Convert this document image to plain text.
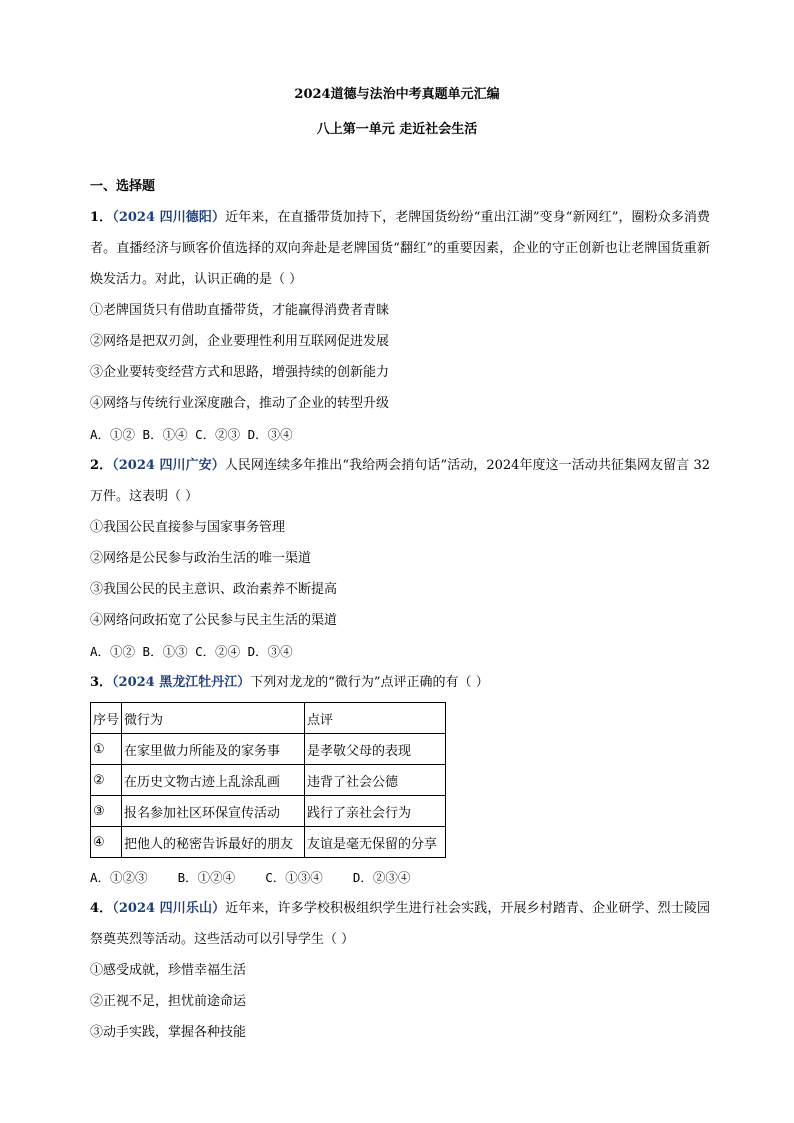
2024道德与法治中考真题单元汇编
八上第一单元 走近社会生活
一、选择题
1．（2024 四川德阳）近年来，在直播带货加持下，老牌国货纷纷“重出江湖”变身“新网红”，圈粉众多消费者。直播经济与顾客价值选择的双向奔赴是老牌国货“翻红”的重要因素，企业的守正创新也让老牌国货重新焕发活力。对此，认识正确的是（ ）
①老牌国货只有借助直播带货，才能赢得消费者青睐
②网络是把双刃剑，企业要理性利用互联网促进发展
③企业要转变经营方式和思路，增强持续的创新能力
④网络与传统行业深度融合，推动了企业的转型升级
A．①② B．①④ C．②③ D．③④
2．（2024 四川广安）人民网连续多年推出“我给两会捎句话”活动，2024年度这一活动共征集网友留言 32万件。这表明（ ）
①我国公民直接参与国家事务管理
②网络是公民参与政治生活的唯一渠道
③我国公民的民主意识、政治素养不断提高
④网络问政拓宽了公民参与民主生活的渠道
A．①② B．①③ C．②④ D．③④
3．（2024 黑龙江牡丹江）下列对龙龙的“微行为”点评正确的有（ ）
序号	微行为	点评
①	在家里做力所能及的家务事	是孝敬父母的表现
②	在历史文物古迹上乱涂乱画	违背了社会公德
③	报名参加社区环保宣传活动	践行了亲社会行为
④	把他人的秘密告诉最好的朋友	友谊是毫无保留的分享
A．①②③    B．①②④    C．①③④    D．②③④
4．（2024 四川乐山）近年来，许多学校积极组织学生进行社会实践，开展乡村踏青、企业研学、烈士陵园祭奠英烈等活动。这些活动可以引导学生（ ）
①感受成就，珍惜幸福生活
②正视不足，担忧前途命运
③动手实践，掌握各种技能
